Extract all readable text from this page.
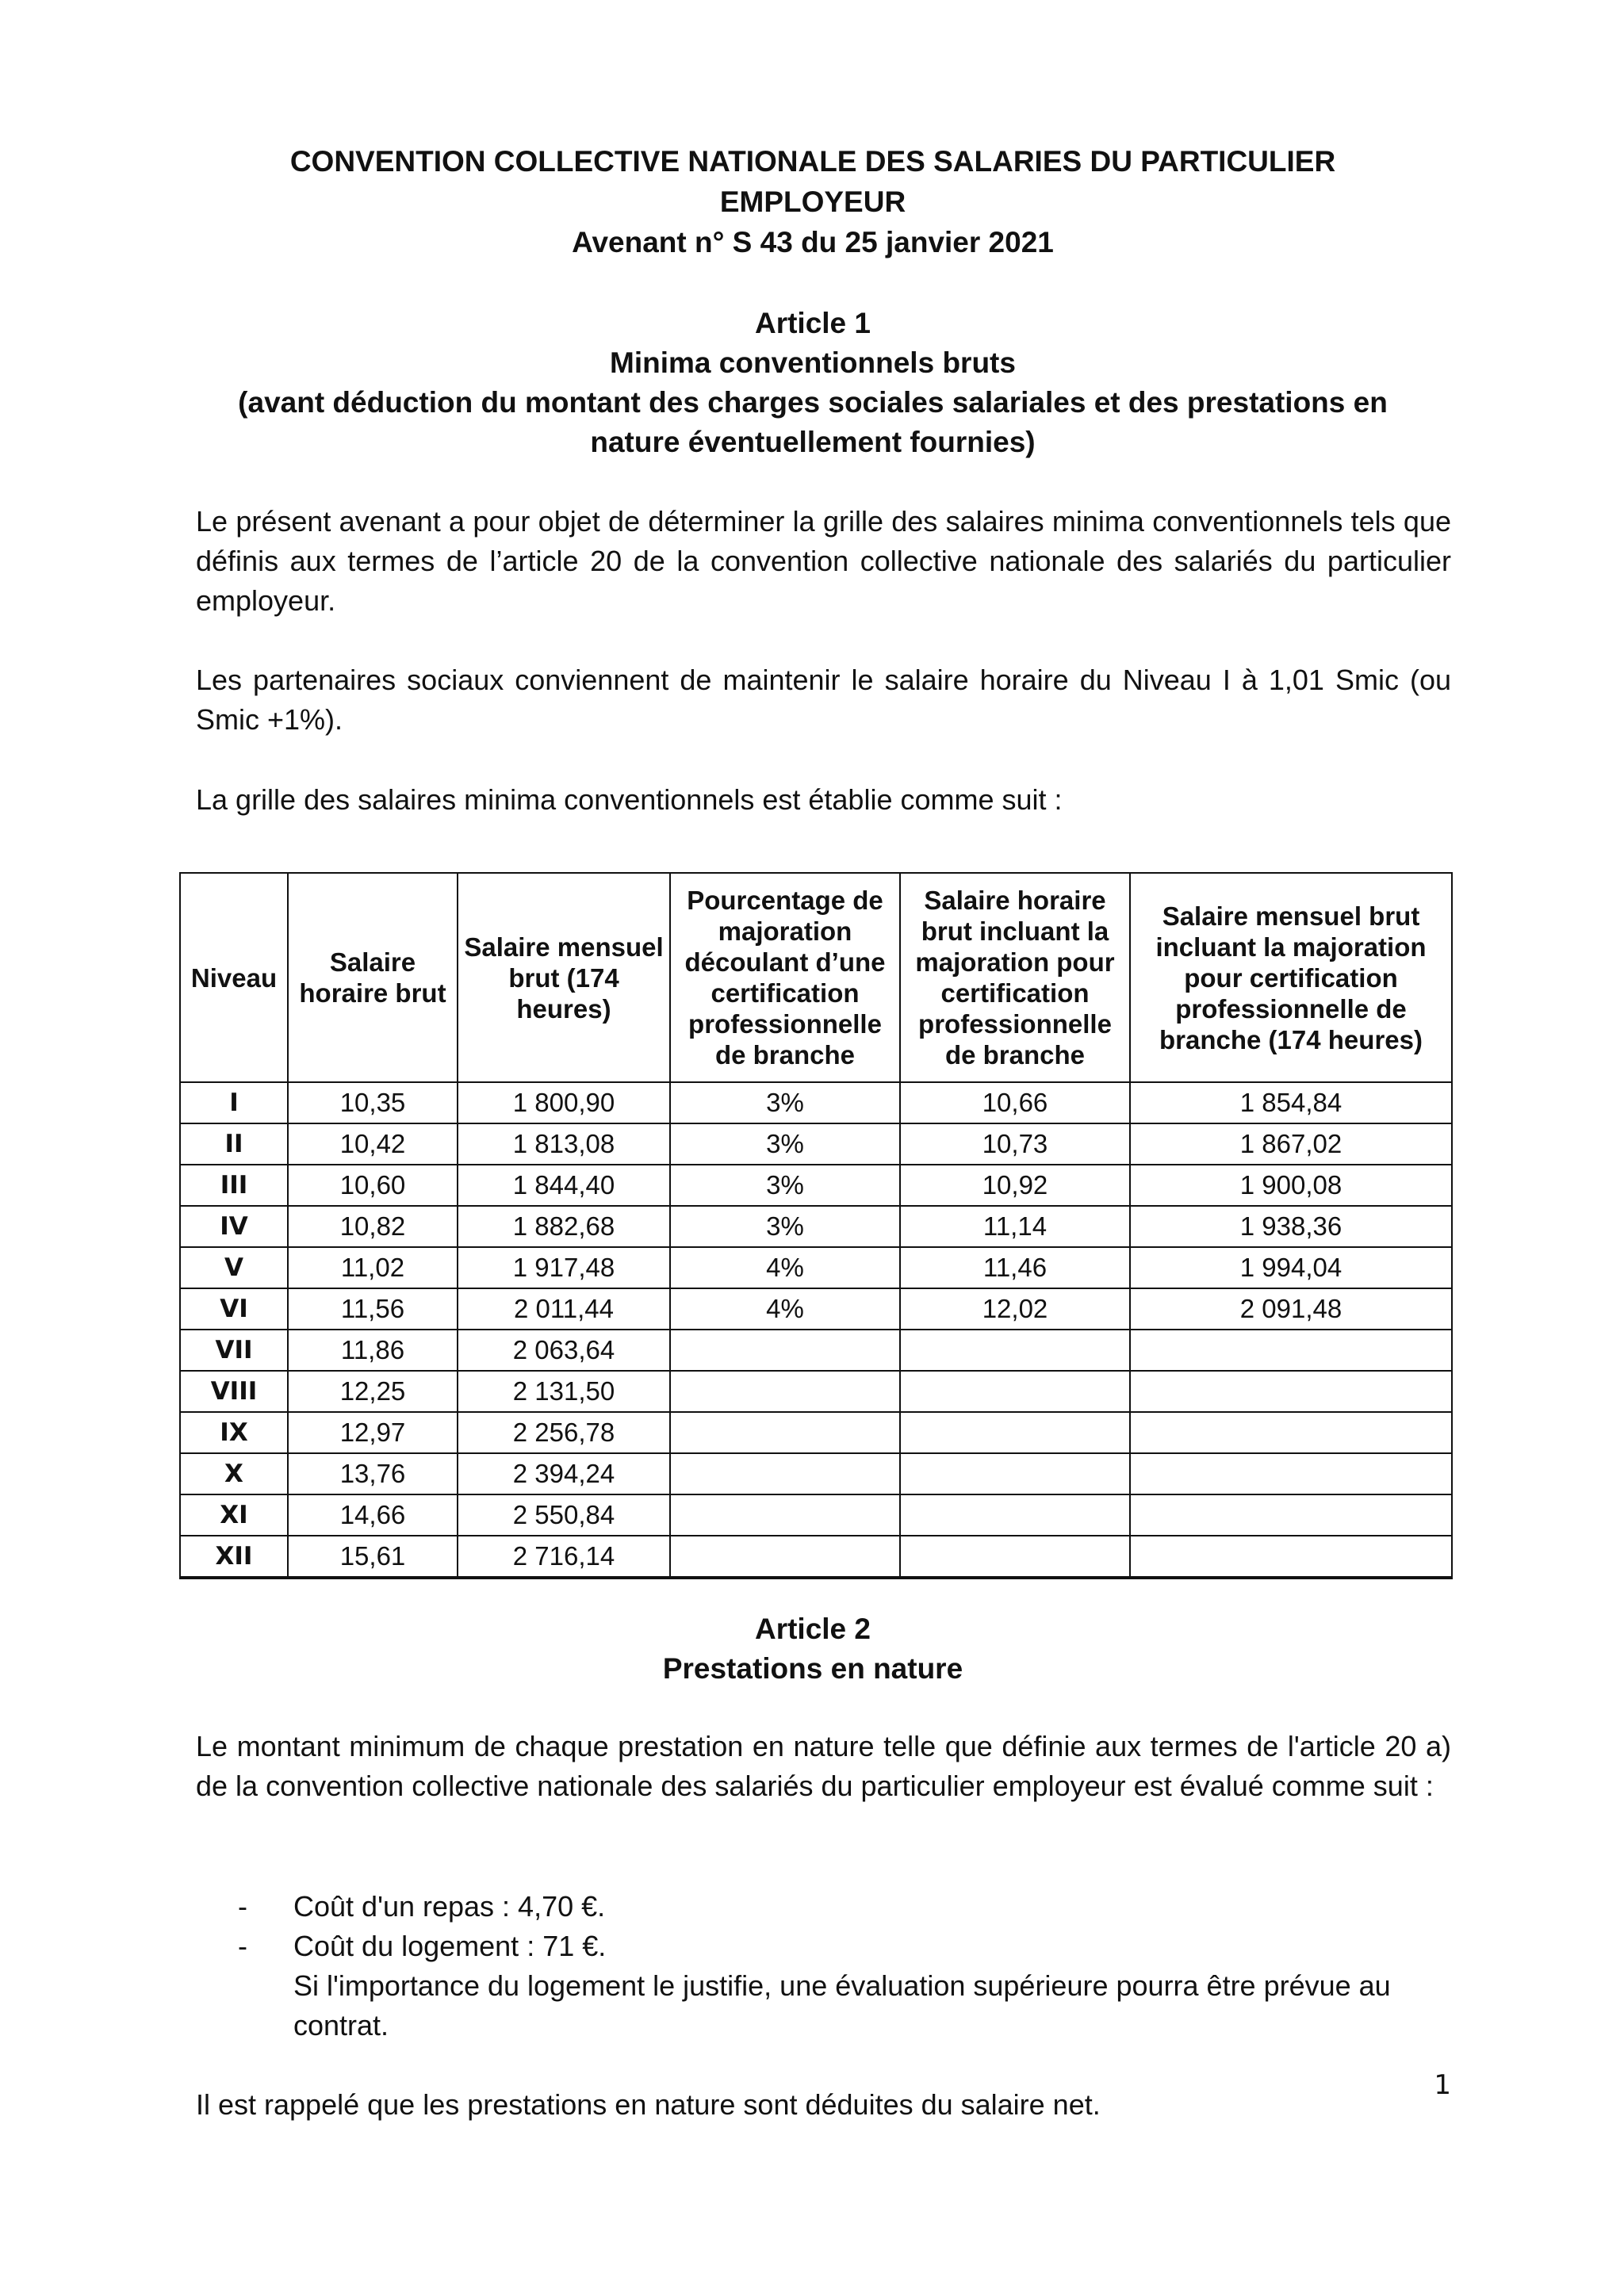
CONVENTION COLLECTIVE NATIONALE DES SALARIES DU PARTICULIER
EMPLOYEUR
Avenant n° S 43 du 25 janvier 2021
Article 1
Minima conventionnels bruts
(avant déduction du montant des charges sociales salariales et des prestations en
nature éventuellement fournies)
Le présent avenant a pour objet de déterminer la grille des salaires minima conventionnels tels que définis aux termes de l’article 20 de la convention collective nationale des salariés du particulier employeur.
Les partenaires sociaux conviennent de maintenir le salaire horaire du Niveau I à 1,01 Smic (ou Smic +1%).
La grille des salaires minima conventionnels est établie comme suit :
Niveau	Salaire horaire brut	Salaire mensuel brut (174 heures)	Pourcentage de majoration découlant d’une certification professionnelle de branche	Salaire horaire brut incluant la majoration pour certification professionnelle de branche	Salaire mensuel brut incluant la majoration pour certification professionnelle de branche (174 heures)
I	10,35	1 800,90	3%	10,66	1 854,84
II	10,42	1 813,08	3%	10,73	1 867,02
III	10,60	1 844,40	3%	10,92	1 900,08
IV	10,82	1 882,68	3%	11,14	1 938,36
V	11,02	1 917,48	4%	11,46	1 994,04
VI	11,56	2 011,44	4%	12,02	2 091,48
VII	11,86	2 063,64			
VIII	12,25	2 131,50			
IX	12,97	2 256,78			
X	13,76	2 394,24			
XI	14,66	2 550,84			
XII	15,61	2 716,14			
Article 2
Prestations en nature
Le montant minimum de chaque prestation en nature telle que définie aux termes de l'article 20 a) de la convention collective nationale des salariés du particulier employeur est évalué comme suit :
- Coût d'un repas : 4,70 €.
- Coût du logement : 71 €.
Si l'importance du logement le justifie, une évaluation supérieure pourra être prévue au contrat.
Il est rappelé que les prestations en nature sont déduites du salaire net.
1
